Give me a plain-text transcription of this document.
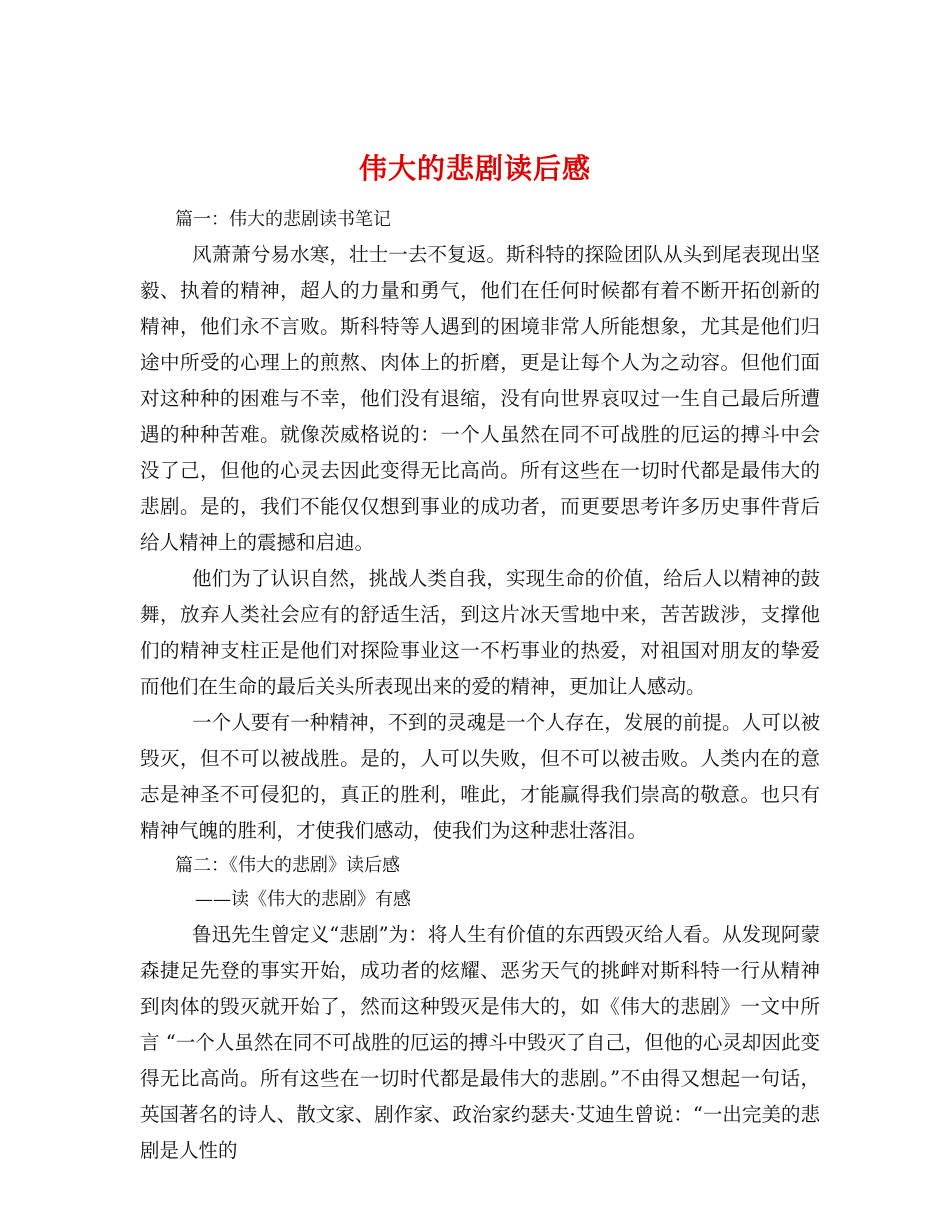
伟大的悲剧读后感

篇一：伟大的悲剧读书笔记

风萧萧兮易水寒，壮士一去不复返。斯科特的探险团队从头到尾表现出坚毅、执着的精神，超人的力量和勇气，他们在任何时候都有着不断开拓创新的精神，他们永不言败。斯科特等人遇到的困境非常人所能想象，尤其是他们归途中所受的心理上的煎熬、肉体上的折磨，更是让每个人为之动容。但他们面对这种种的困难与不幸，他们没有退缩，没有向世界哀叹过一生自己最后所遭遇的种种苦难。就像茨威格说的：一个人虽然在同不可战胜的厄运的搏斗中会没了己，但他的心灵去因此变得无比高尚。所有这些在一切时代都是最伟大的悲剧。是的，我们不能仅仅想到事业的成功者，而更要思考许多历史事件背后给人精神上的震撼和启迪。

他们为了认识自然，挑战人类自我，实现生命的价值，给后人以精神的鼓舞，放弃人类社会应有的舒适生活，到这片冰天雪地中来，苦苦跋涉，支撑他们的精神支柱正是他们对探险事业这一不朽事业的热爱，对祖国对朋友的挚爱而他们在生命的最后关头所表现出来的爱的精神，更加让人感动。

一个人要有一种精神，不到的灵魂是一个人存在，发展的前提。人可以被毁灭，但不可以被战胜。是的，人可以失败，但不可以被击败。人类内在的意志是神圣不可侵犯的，真正的胜利，唯此，才能赢得我们崇高的敬意。也只有精神气魄的胜利，才使我们感动，使我们为这种悲壮落泪。

篇二：《伟大的悲剧》读后感

——读《伟大的悲剧》有感

鲁迅先生曾定义“悲剧”为：将人生有价值的东西毁灭给人看。从发现阿蒙森捷足先登的事实开始，成功者的炫耀、恶劣天气的挑衅对斯科特一行从精神到肉体的毁灭就开始了，然而这种毁灭是伟大的，如《伟大的悲剧》一文中所言 “一个人虽然在同不可战胜的厄运的搏斗中毁灭了自己，但他的心灵却因此变得无比高尚。所有这些在一切时代都是最伟大的悲剧。”不由得又想起一句话，英国著名的诗人、散文家、剧作家、政治家约瑟夫·艾迪生曾说：“一出完美的悲剧是人性的
